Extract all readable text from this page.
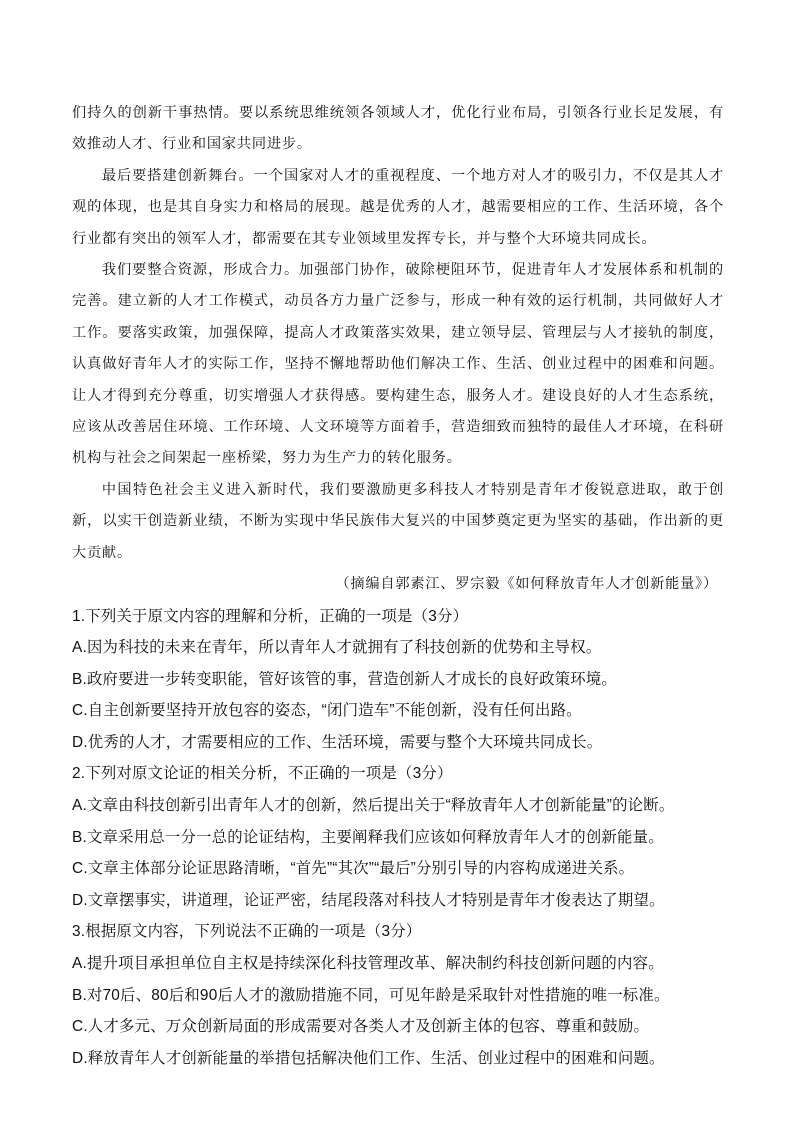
们持久的创新干事热情。要以系统思维统领各领域人才，优化行业布局，引领各行业长足发展，有效推动人才、行业和国家共同进步。

最后要搭建创新舞台。一个国家对人才的重视程度、一个地方对人才的吸引力，不仅是其人才观的体现，也是其自身实力和格局的展现。越是优秀的人才，越需要相应的工作、生活环境，各个行业都有突出的领军人才，都需要在其专业领域里发挥专长，并与整个大环境共同成长。

我们要整合资源，形成合力。加强部门协作，破除梗阻环节，促进青年人才发展体系和机制的完善。建立新的人才工作模式，动员各方力量广泛参与，形成一种有效的运行机制，共同做好人才工作。要落实政策，加强保障，提高人才政策落实效果，建立领导层、管理层与人才接轨的制度，认真做好青年人才的实际工作，坚持不懈地帮助他们解决工作、生活、创业过程中的困难和问题。让人才得到充分尊重，切实增强人才获得感。要构建生态，服务人才。建设良好的人才生态系统，应该从改善居住环境、工作环境、人文环境等方面着手，营造细致而独特的最佳人才环境，在科研机构与社会之间架起一座桥梁，努力为生产力的转化服务。

中国特色社会主义进入新时代，我们要激励更多科技人才特别是青年才俊锐意进取，敢于创新，以实干创造新业绩，不断为实现中华民族伟大复兴的中国梦奠定更为坚实的基础，作出新的更大贡献。

（摘编自郭素江、罗宗毅《如何释放青年人才创新能量》）

1.下列关于原文内容的理解和分析，正确的一项是（3分）

A.因为科技的未来在青年，所以青年人才就拥有了科技创新的优势和主导权。

B.政府要进一步转变职能，管好该管的事，营造创新人才成长的良好政策环境。

C.自主创新要坚持开放包容的姿态，“闭门造车”不能创新，没有任何出路。

D.优秀的人才，才需要相应的工作、生活环境，需要与整个大环境共同成长。

2.下列对原文论证的相关分析，不正确的一项是（3分）

A.文章由科技创新引出青年人才的创新，然后提出关于“释放青年人才创新能量”的论断。

B.文章采用总一分一总的论证结构，主要阐释我们应该如何释放青年人才的创新能量。

C.文章主体部分论证思路清晰，“首先”“其次”“最后”分别引导的内容构成递进关系。

D.文章摆事实，讲道理，论证严密，结尾段落对科技人才特别是青年才俊表达了期望。

3.根据原文内容，下列说法不正确的一项是（3分）

A.提升项目承担单位自主权是持续深化科技管理改革、解决制约科技创新问题的内容。

B.对70后、80后和90后人才的激励措施不同，可见年龄是采取针对性措施的唯一标准。

C.人才多元、万众创新局面的形成需要对各类人才及创新主体的包容、尊重和鼓励。

D.释放青年人才创新能量的举措包括解决他们工作、生活、创业过程中的困难和问题。
